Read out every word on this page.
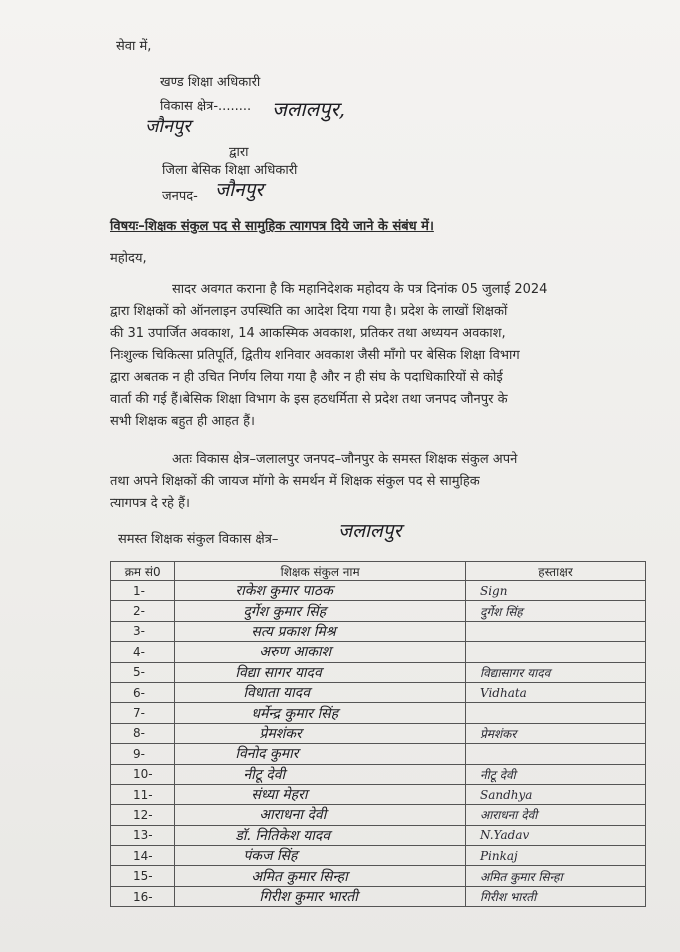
सेवा में,
खण्ड शिक्षा अधिकारी
विकास क्षेत्र-........ जलालपुर,
जौनपुर
द्वारा
जिला बेसिक शिक्षा अधिकारी
जनपद- जौनपुर
विषयः–शिक्षक संकुल पद से सामुहिक त्यागपत्र दिये जाने के संबंध में।
महोदय,
सादर अवगत कराना है कि महानिदेशक महोदय के पत्र दिनांक 05 जुलाई 2024
द्वारा शिक्षकों को ऑनलाइन उपस्थिति का आदेश दिया गया है। प्रदेश के लाखों शिक्षकों
की 31 उपार्जित अवकाश, 14 आकस्मिक अवकाश, प्रतिकर तथा अध्ययन अवकाश,
निःशुल्क चिकित्सा प्रतिपूर्ति, द्वितीय शनिवार अवकाश जैसी माँगो पर बेसिक शिक्षा विभाग
द्वारा अबतक न ही उचित निर्णय लिया गया है और न ही संघ के पदाधिकारियों से कोई
वार्ता की गई हैं।बेसिक शिक्षा विभाग के इस हठधर्मिता से प्रदेश तथा जनपद जौनपुर के
सभी शिक्षक बहुत ही आहत हैं।
अतः विकास क्षेत्र–जलालपुर जनपद–जौनपुर के समस्त शिक्षक संकुल अपने
तथा अपने शिक्षकों की जायज मॉगो के समर्थन में शिक्षक संकुल पद से सामुहिक
त्यागपत्र दे रहे हैं।
समस्त शिक्षक संकुल विकास क्षेत्र–	जलालपुर
क्रम सं0	शिक्षक संकुल नाम	हस्ताक्षर
1-	राकेश कुमार पाठक	Sign
2-	दुर्गेश कुमार सिंह	दुर्गेश सिंह
3-	सत्य प्रकाश मिश्र	
4-	अरुण आकाश	
5-	विद्या सागर यादव	विद्यासागर यादव
6-	विधाता यादव	Vidhata
7-	धर्मेन्द्र कुमार सिंह	
8-	प्रेमशंकर	प्रेमशंकर
9-	विनोद कुमार	
10-	नीटू देवी	नीटू देवी
11-	संध्या मेहरा	Sandhya
12-	आराधना देवी	आराधना देवी
13-	डॉ. नितिकेश यादव	N.Yadav
14-	पंकज सिंह	Pinkaj
15-	अमित कुमार सिन्हा	अमित कुमार सिन्हा
16-	गिरीश कुमार भारती	गिरीश भारती
